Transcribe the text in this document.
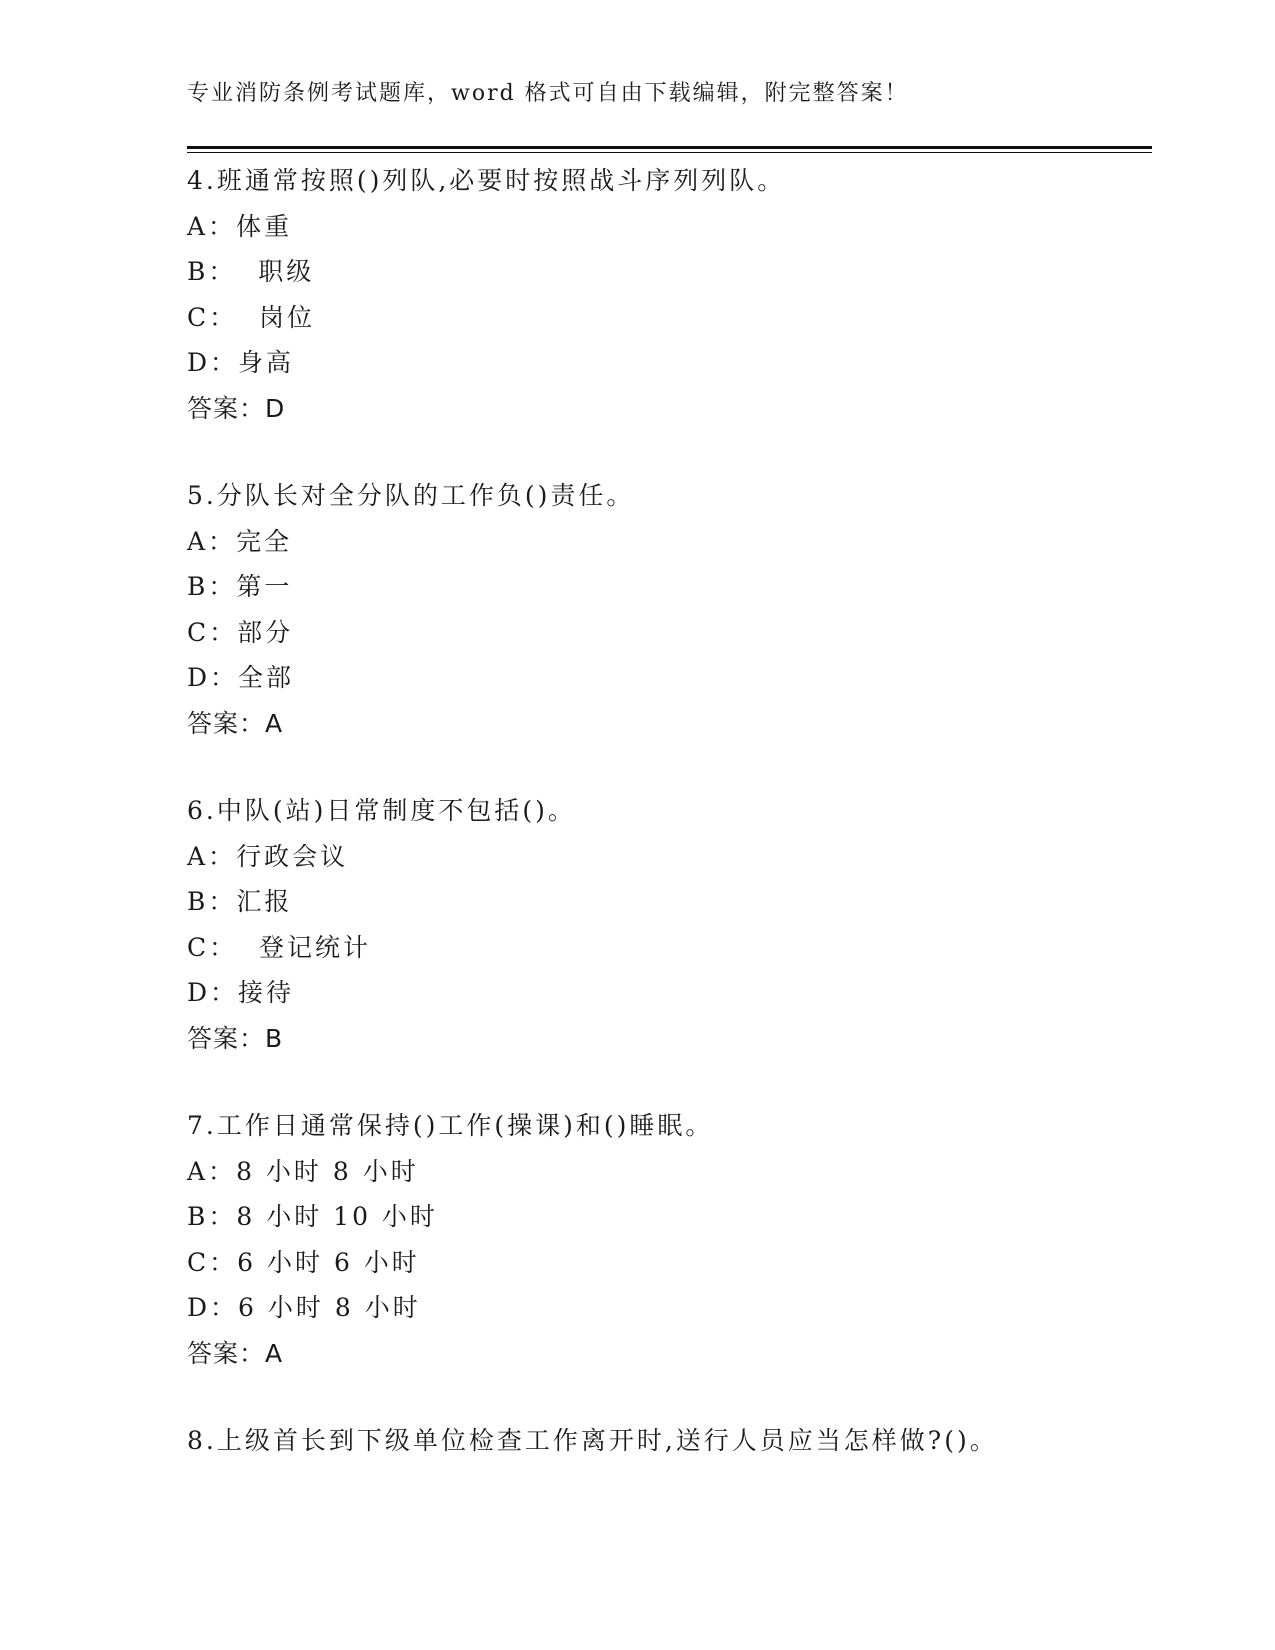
专业消防条例考试题库，word 格式可自由下载编辑，附完整答案！
4.班通常按照()列队,必要时按照战斗序列列队。
A：体重
B：  职级
C：  岗位
D：身高
答案：D
5.分队长对全分队的工作负()责任。
A：完全
B：第一
C：部分
D：全部
答案：A
6.中队(站)日常制度不包括()。
A：行政会议
B：汇报
C：  登记统计
D：接待
答案：B
7.工作日通常保持()工作(操课)和()睡眠。
A：8 小时 8 小时
B：8 小时 10 小时
C：6 小时 6 小时
D：6 小时 8 小时
答案：A
8.上级首长到下级单位检查工作离开时,送行人员应当怎样做?()。
